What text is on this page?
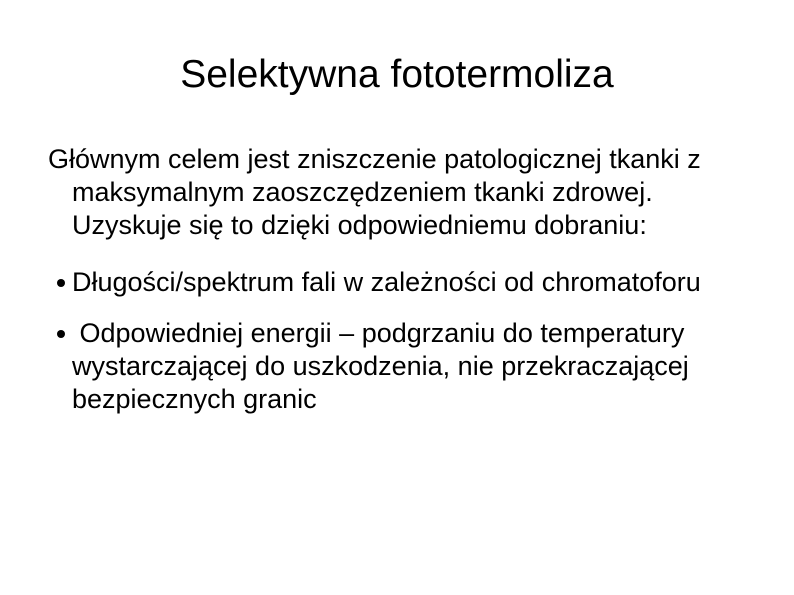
Selektywna fototermoliza

Głównym celem jest zniszczenie patologicznej tkanki z maksymalnym zaoszczędzeniem tkanki zdrowej. Uzyskuje się to dzięki odpowiedniemu dobraniu:

Długości/spektrum fali w zależności od chromatoforu
Odpowiedniej energii – podgrzaniu do temperatury wystarczającej do uszkodzenia, nie przekraczającej bezpiecznych granic
